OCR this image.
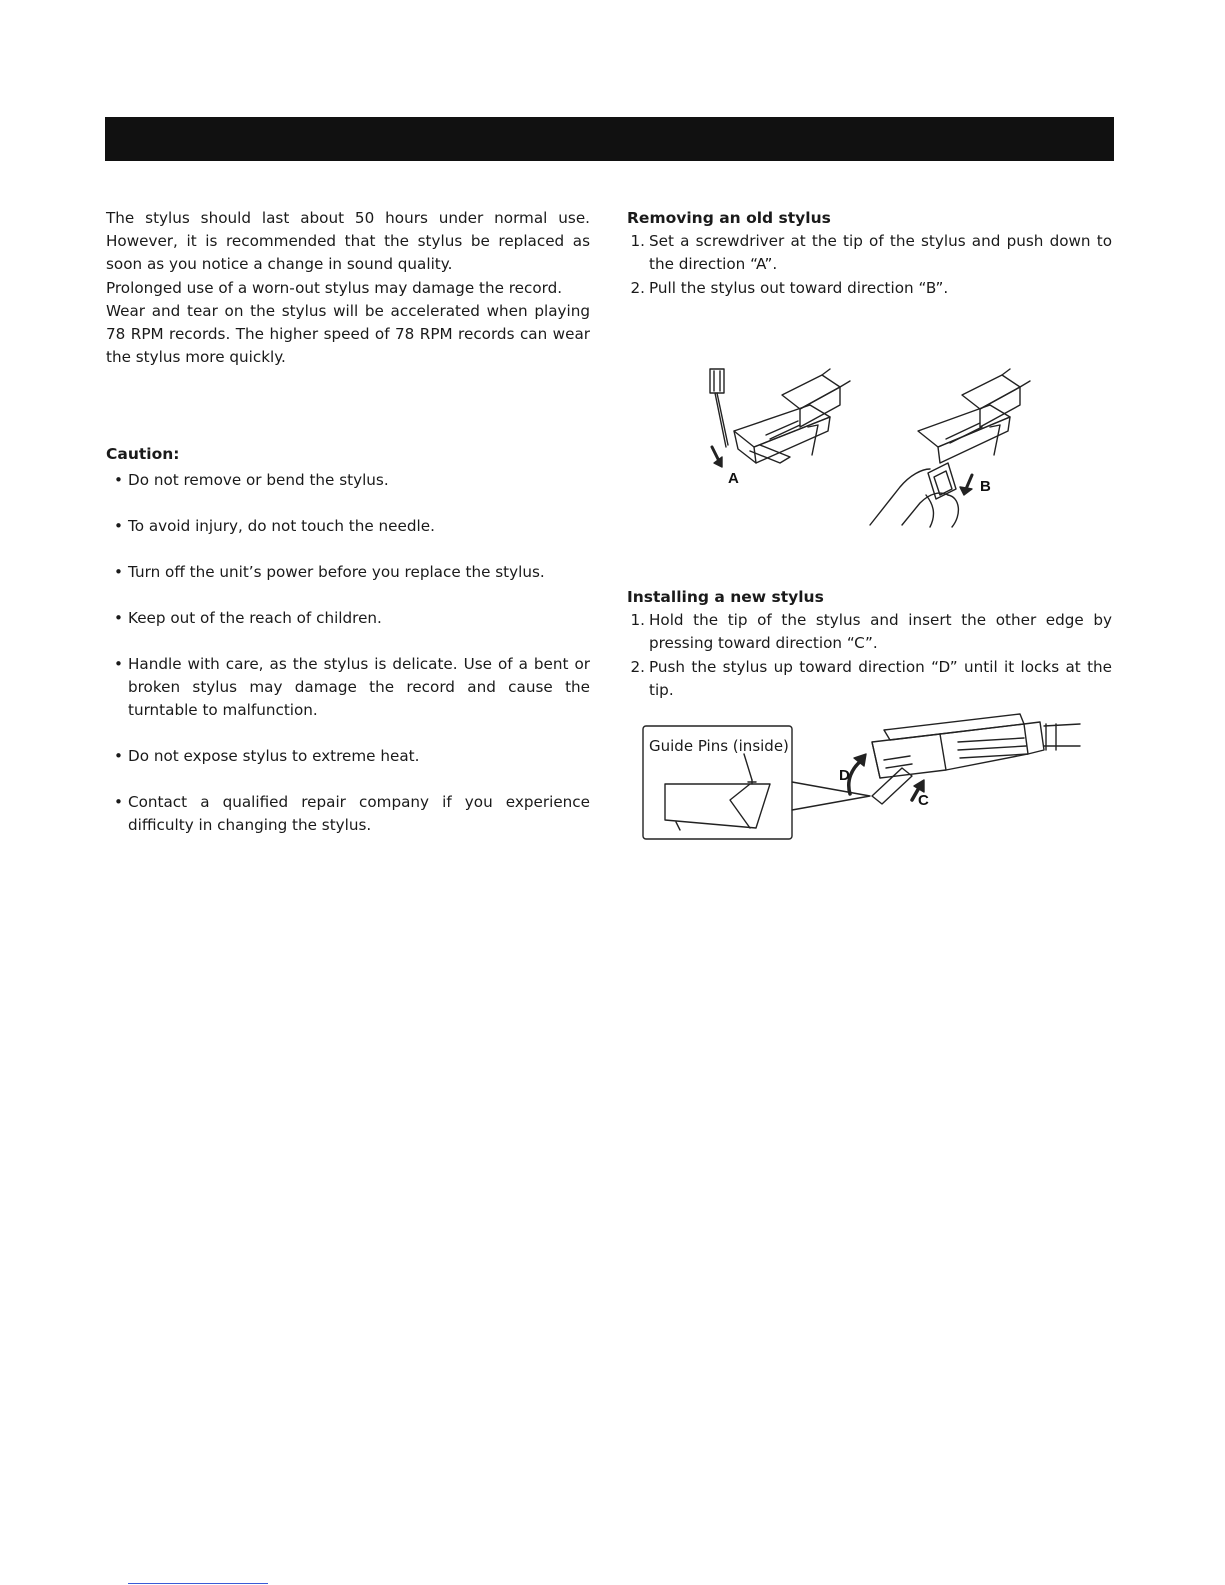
The stylus should last about 50 hours under normal use. However, it is recommended that the stylus be replaced as soon as you notice a change in sound quality.

Prolonged use of a worn-out stylus may damage the record.

Wear and tear on the stylus will be accelerated when playing 78 RPM records. The higher speed of 78 RPM records can wear the stylus more quickly.

Caution:
• Do not remove or bend the stylus.
• To avoid injury, do not touch the needle.
• Turn off the unit’s power before you replace the stylus.
• Keep out of the reach of children.
• Handle with care, as the stylus is delicate. Use of a bent or broken stylus may damage the record and cause the turntable to malfunction.
• Do not expose stylus to extreme heat.
• Contact a qualified repair company if you experience difficulty in changing the stylus.
Removing an old stylus
1. Set a screwdriver at the tip of the stylus and push down to the direction “A”.
2. Pull the stylus out toward direction “B”.
A	B
Installing a new stylus
1. Hold the tip of the stylus and insert the other edge by pressing toward direction “C”.
2. Push the stylus up toward direction “D” until it locks at the tip.
Guide Pins (inside)
D
C
